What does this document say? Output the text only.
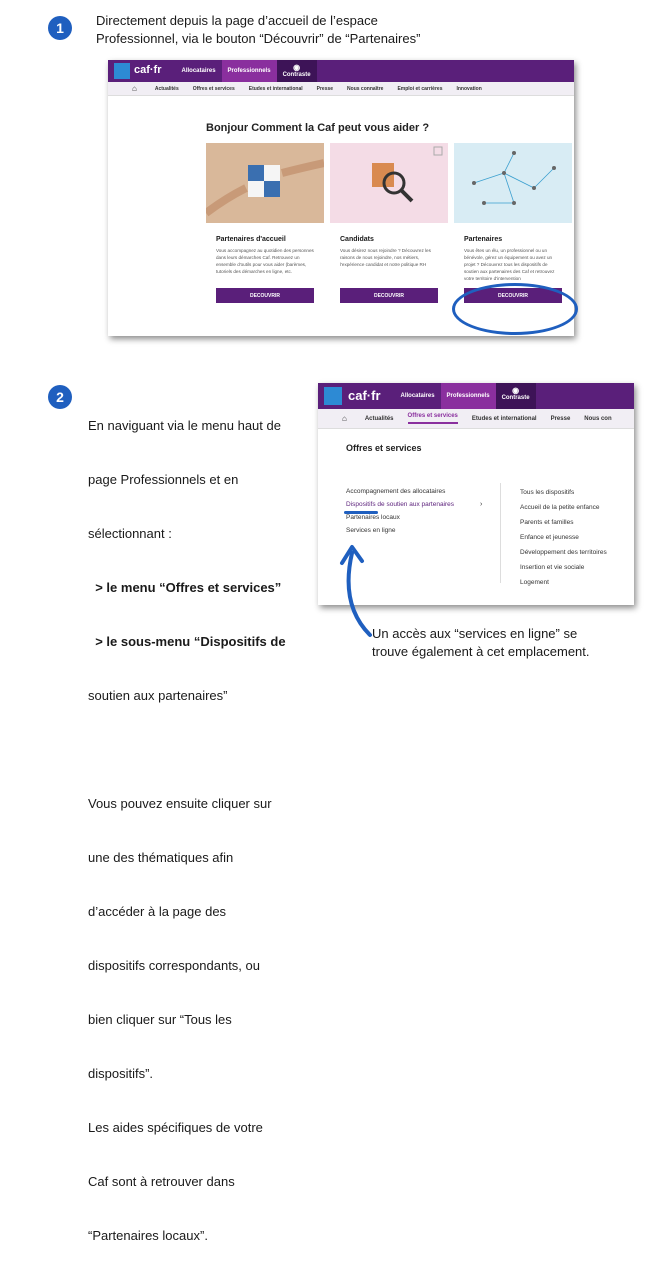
1	Directement depuis la page d’accueil de l’espace
Professionnel, via le bouton “Découvrir” de “Partenaires”
caf·fr	Allocataires	Professionnels	◉
Contraste
⌂	Actualités	Offres et services	Etudes et international	Presse	Nous connaître	Emploi et carrières	Innovation
Bonjour Comment la Caf peut vous aider ?
Partenaires d'accueil
Vous accompagnez au quotidien des personnes dans leurs démarches Caf. Retrouvez un ensemble d'outils pour vous aider (barèmes, tutoriels des démarches en ligne, etc.
DECOUVRIR
Candidats
Vous désirez nous rejoindre ? Découvrez les raisons de nous rejoindre, nos métiers, l'expérience candidat et notre politique RH
DECOUVRIR
Partenaires
Vous êtes un élu, un professionnel ou un bénévole, gérez un équipement ou avez un projet ? Découvrez tous les dispositifs de soutien aux partenaires des Caf et retrouvez votre territoire d'intervention
DECOUVRIR
2

En naviguant via le menu haut de

page Professionnels et en

sélectionnant :

> le menu “Offres et services”

> le sous-menu “Dispositifs de

soutien aux partenaires”

Vous pouvez ensuite cliquer sur

une des thématiques afin

d’accéder à la page des

dispositifs correspondants, ou

bien cliquer sur “Tous les

dispositifs”.

Les aides spécifiques de votre

Caf sont à retrouver dans

“Partenaires locaux”.

caf·fr	Allocataires	Professionnels
◉
Contraste
⌂	Actualités Offres et services Etudes et international Presse Nous con
Offres et services
Accompagnement des allocataires
Dispositifs de soutien aux partenaires
Partenaires locaux
Services en ligne
›
Tous les dispositifs
Accueil de la petite enfance
Parents et familles
Enfance et jeunesse
Développement des territoires
Insertion et vie sociale
Logement
Un accès aux “services en ligne” se
trouve également à cet emplacement.
